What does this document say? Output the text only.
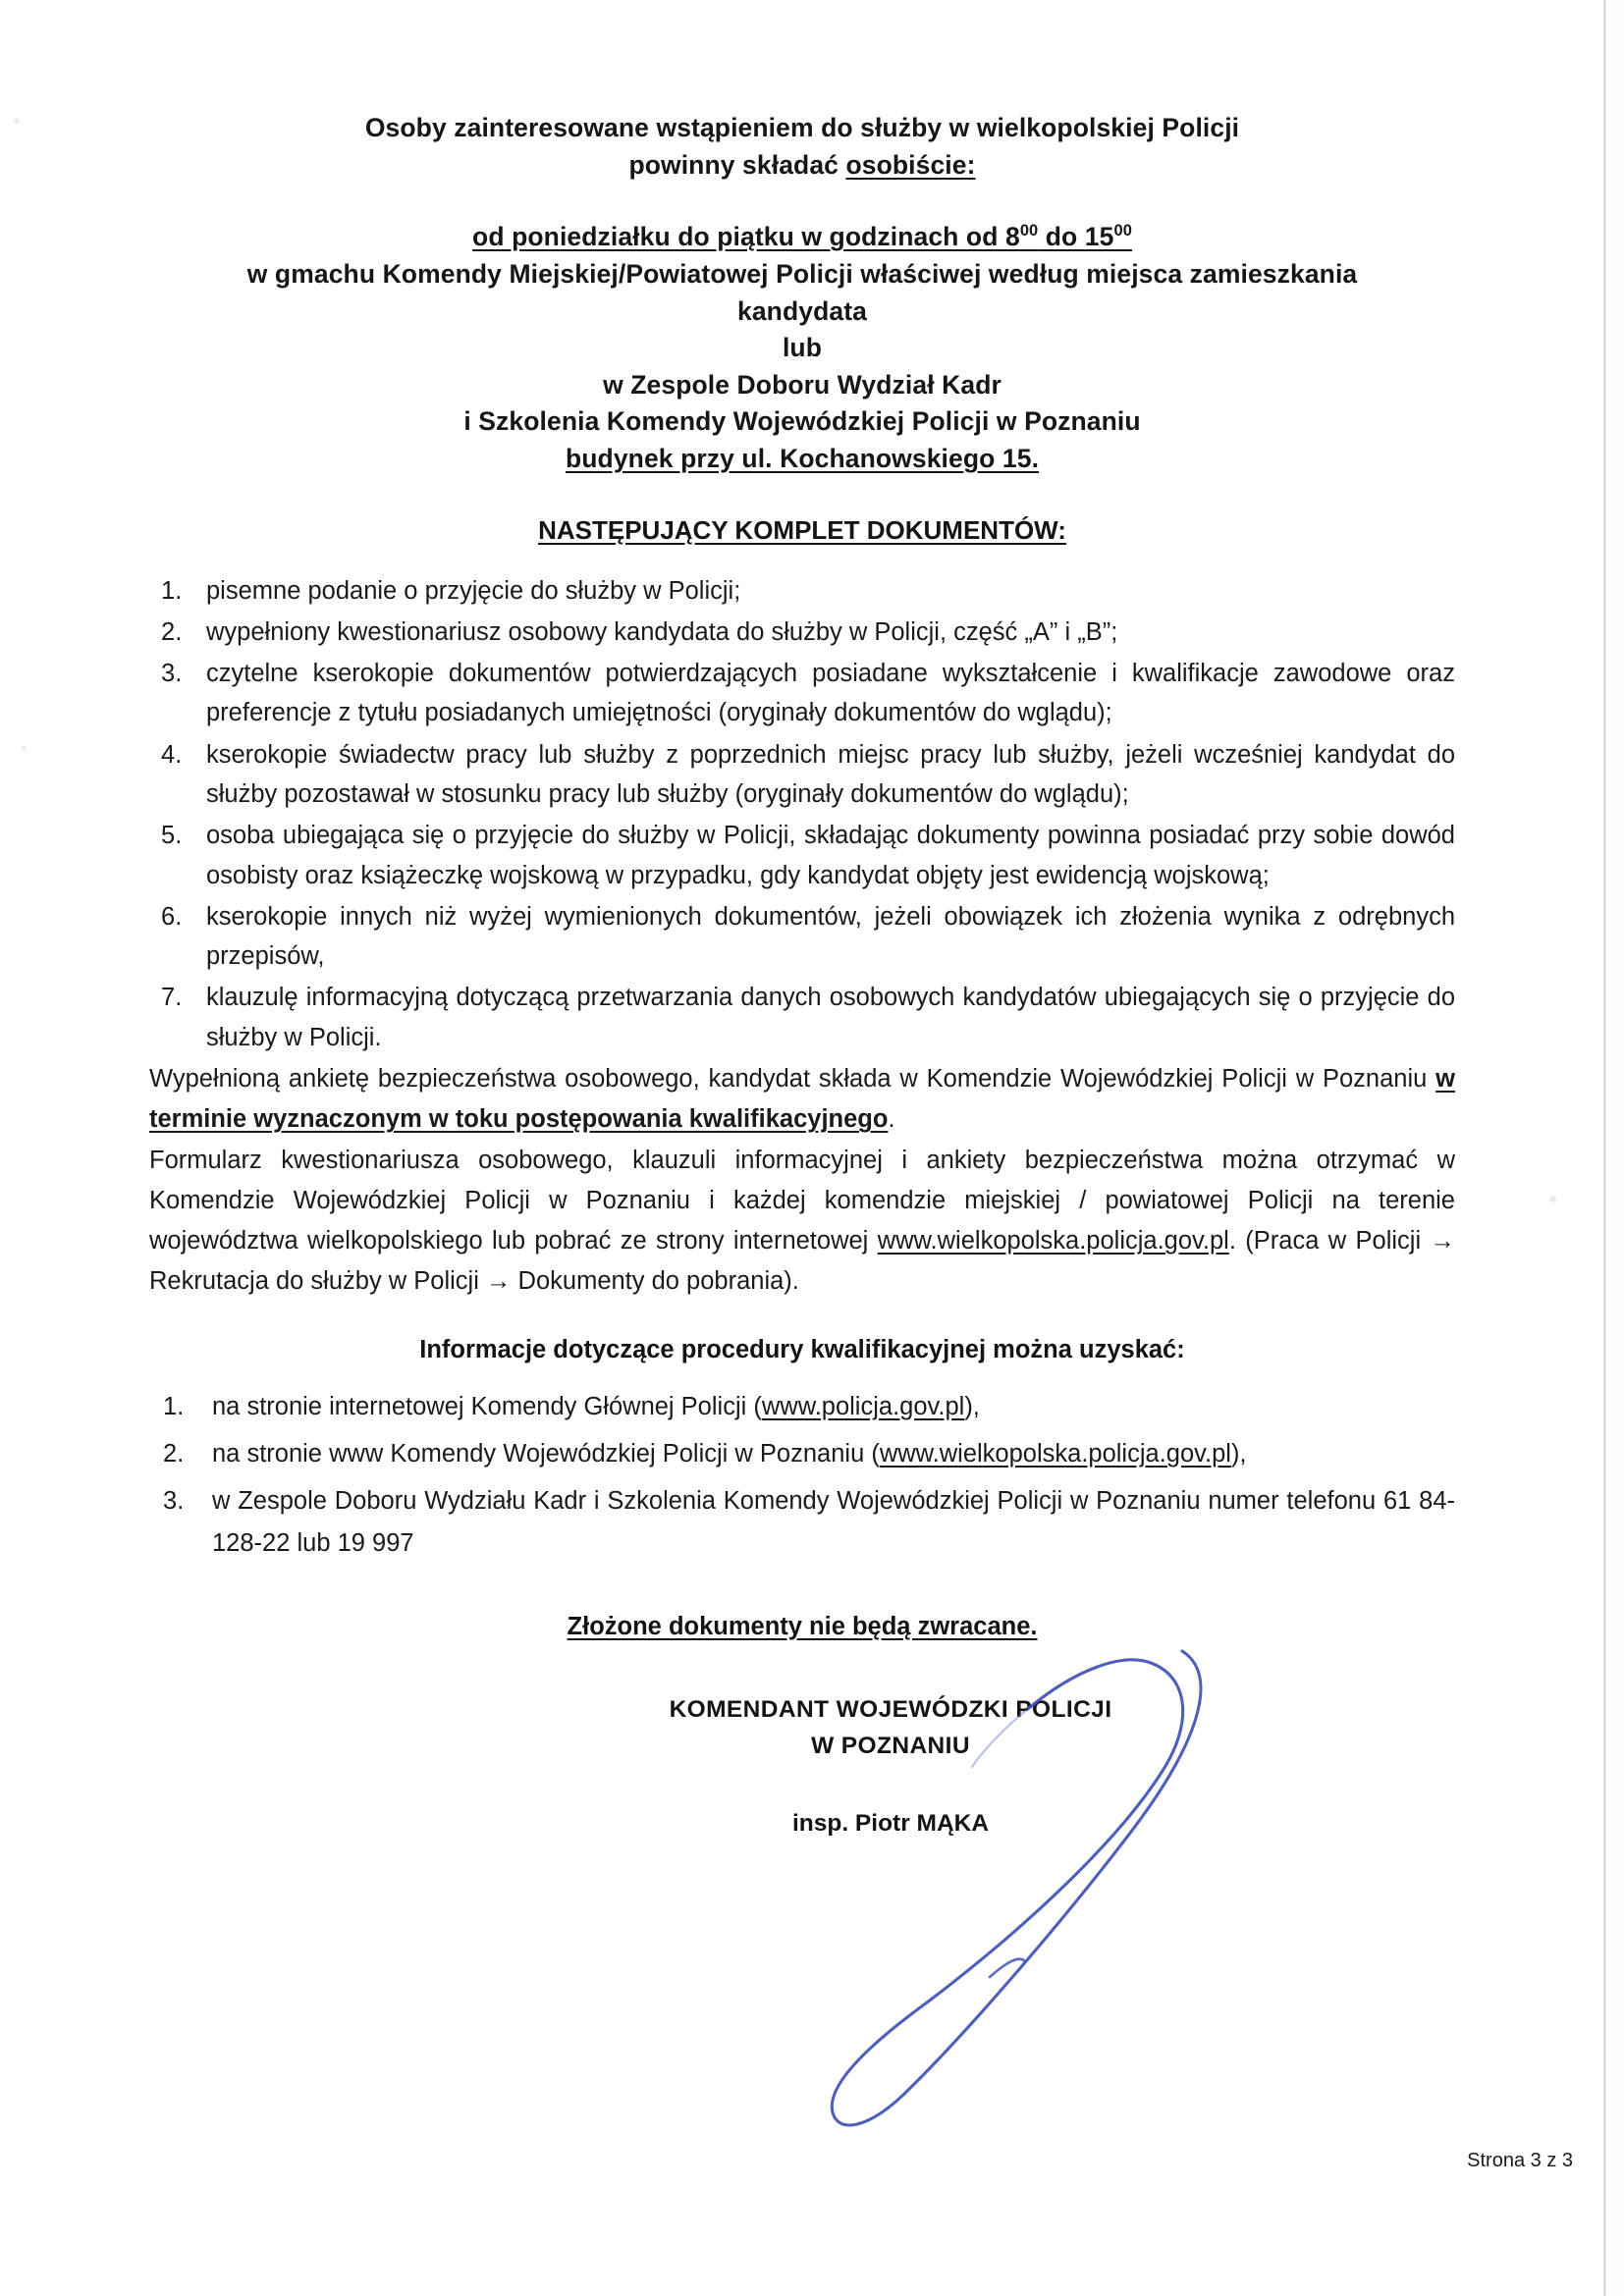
Osoby zainteresowane wstąpieniem do służby w wielkopolskiej Policji
powinny składać osobiście:
od poniedziałku do piątku w godzinach od $8^{00}$ do $15^{00}$
w gmachu Komendy Miejskiej/Powiatowej Policji właściwej według miejsca zamieszkania
kandydata
lub
w Zespole Doboru Wydział Kadr
i Szkolenia Komendy Wojewódzkiej Policji w Poznaniu
budynek przy ul. Kochanowskiego 15.
NASTĘPUJĄCY KOMPLET DOKUMENTÓW:
pisemne podanie o przyjęcie do służby w Policji;
wypełniony kwestionariusz osobowy kandydata do służby w Policji, część „A” i „B”;
czytelne kserokopie dokumentów potwierdzających posiadane wykształcenie i kwalifikacje zawodowe oraz preferencje z tytułu posiadanych umiejętności (oryginały dokumentów do wglądu);
kserokopie świadectw pracy lub służby z poprzednich miejsc pracy lub służby, jeżeli wcześniej kandydat do służby pozostawał w stosunku pracy lub służby (oryginały dokumentów do wglądu);
osoba ubiegająca się o przyjęcie do służby w Policji, składając dokumenty powinna posiadać przy sobie dowód osobisty oraz książeczkę wojskową w przypadku, gdy kandydat objęty jest ewidencją wojskową;
kserokopie innych niż wyżej wymienionych dokumentów, jeżeli obowiązek ich złożenia wynika z odrębnych przepisów,
klauzulę informacyjną dotyczącą przetwarzania danych osobowych kandydatów ubiegających się o przyjęcie do służby w Policji.

Wypełnioną ankietę bezpieczeństwa osobowego, kandydat składa w Komendzie Wojewódzkiej Policji w Poznaniu w terminie wyznaczonym w toku postępowania kwalifikacyjnego.

Formularz kwestionariusza osobowego, klauzuli informacyjnej i ankiety bezpieczeństwa można otrzymać w Komendzie Wojewódzkiej Policji w Poznaniu i każdej komendzie miejskiej / powiatowej Policji na terenie województwa wielkopolskiego lub pobrać ze strony internetowej www.wielkopolska.policja.gov.pl. (Praca w Policji → Rekrutacja do służby w Policji → Dokumenty do pobrania).

Informacje dotyczące procedury kwalifikacyjnej można uzyskać:
na stronie internetowej Komendy Głównej Policji (www.policja.gov.pl),
na stronie www Komendy Wojewódzkiej Policji w Poznaniu (www.wielkopolska.policja.gov.pl),
w Zespole Doboru Wydziału Kadr i Szkolenia Komendy Wojewódzkiej Policji w Poznaniu numer telefonu 61 84-128-22 lub 19 997
Złożone dokumenty nie będą zwracane.
KOMENDANT WOJEWÓDZKI POLICJI
W POZNANIU
insp. Piotr MĄKA
Strona 3 z 3
